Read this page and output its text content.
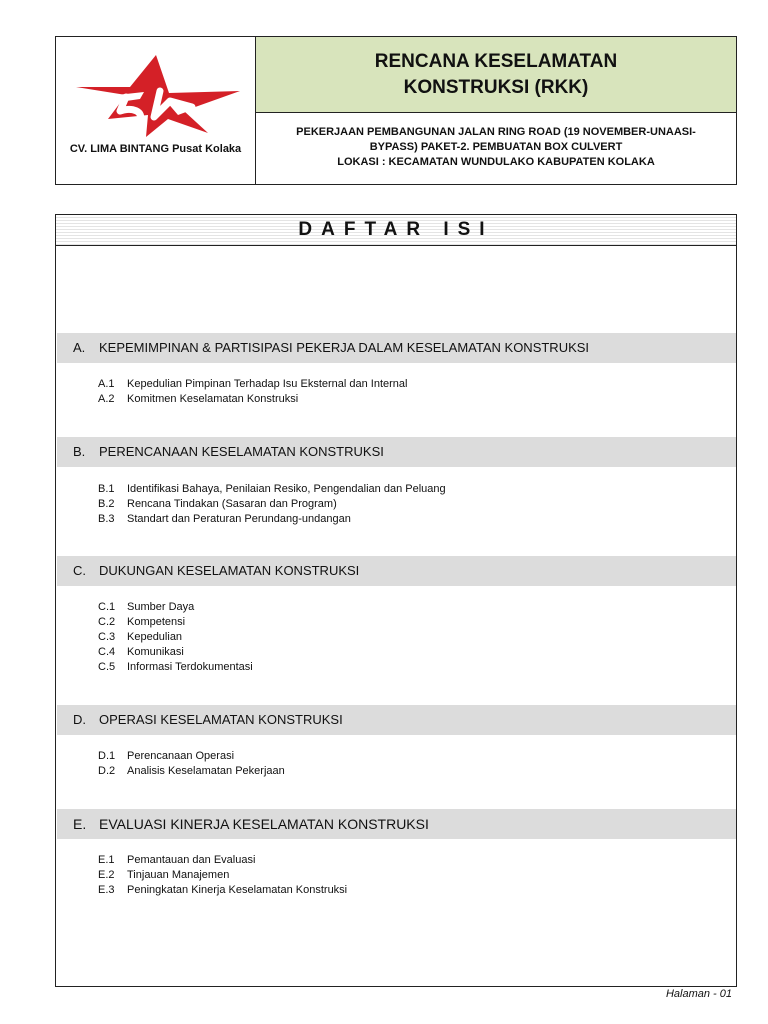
CV. LIMA BINTANG Pusat Kolaka
RENCANA KESELAMATAN KONSTRUKSI (RKK)
PEKERJAAN PEMBANGUNAN JALAN RING ROAD (19 NOVEMBER-UNAASI-
BYPASS) PAKET-2. PEMBUATAN BOX CULVERT
LOKASI : KECAMATAN WUNDULAKO KABUPATEN KOLAKA
DAFTAR ISI
A. KEPEMIMPINAN & PARTISIPASI PEKERJA DALAM KESELAMATAN KONSTRUKSI
A.1 Kepedulian Pimpinan Terhadap Isu Eksternal dan Internal
A.2 Komitmen Keselamatan Konstruksi
B. PERENCANAAN KESELAMATAN KONSTRUKSI
B.1 Identifikasi Bahaya, Penilaian Resiko, Pengendalian dan Peluang
B.2 Rencana Tindakan (Sasaran dan Program)
B.3 Standart dan Peraturan Perundang-undangan
C. DUKUNGAN KESELAMATAN KONSTRUKSI
C.1 Sumber Daya
C.2 Kompetensi
C.3 Kepedulian
C.4 Komunikasi
C.5 Informasi Terdokumentasi
D. OPERASI KESELAMATAN KONSTRUKSI
D.1 Perencanaan Operasi
D.2 Analisis Keselamatan Pekerjaan
E. EVALUASI KINERJA KESELAMATAN KONSTRUKSI
E.1 Pemantauan dan Evaluasi
E.2 Tinjauan Manajemen
E.3 Peningkatan Kinerja Keselamatan Konstruksi
Halaman - 01
